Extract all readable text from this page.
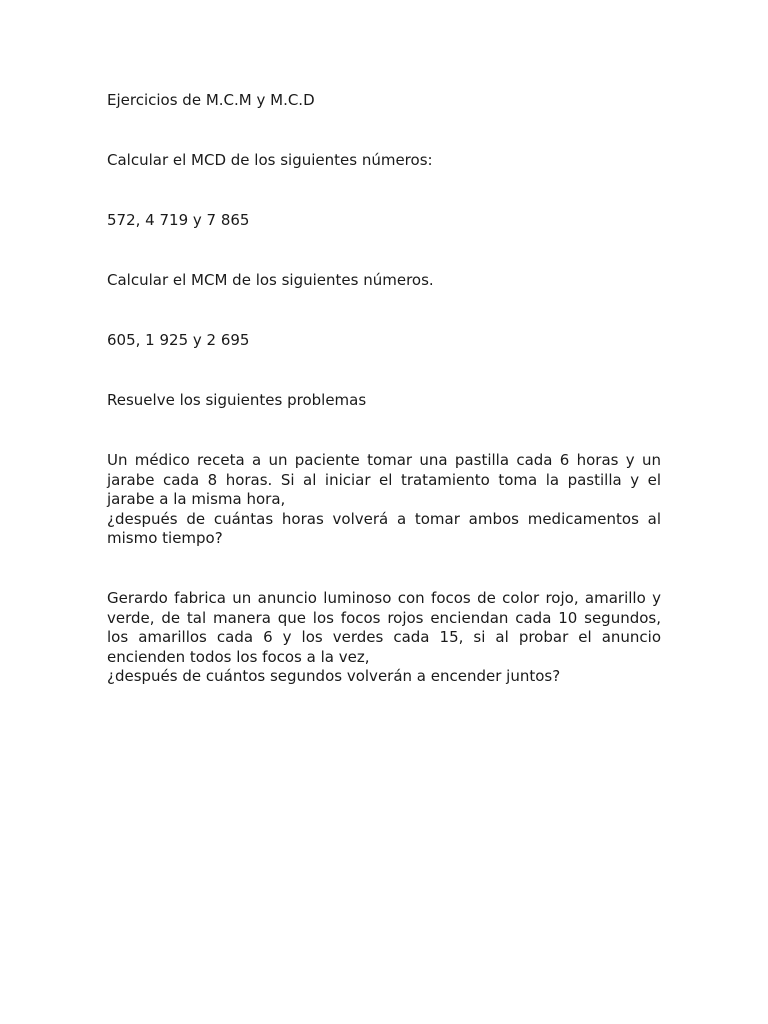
Ejercicios de M.C.M y M.C.D

Calcular el MCD de los siguientes números:

572, 4 719 y 7 865

Calcular el MCM de los siguientes números.

605, 1 925 y 2 695

Resuelve los siguientes problemas

Un médico receta a un paciente tomar una pastilla cada 6 horas y un
jarabe cada 8 horas. Si al iniciar el tratamiento toma la pastilla y el
jarabe a la misma hora,
¿después de cuántas horas volverá a tomar ambos medicamentos al
mismo tiempo?
Gerardo fabrica un anuncio luminoso con focos de color rojo, amarillo y
verde, de tal manera que los focos rojos enciendan cada 10 segundos,
los amarillos cada 6 y los verdes cada 15, si al probar el anuncio
encienden todos los focos a la vez,
¿después de cuántos segundos volverán a encender juntos?
